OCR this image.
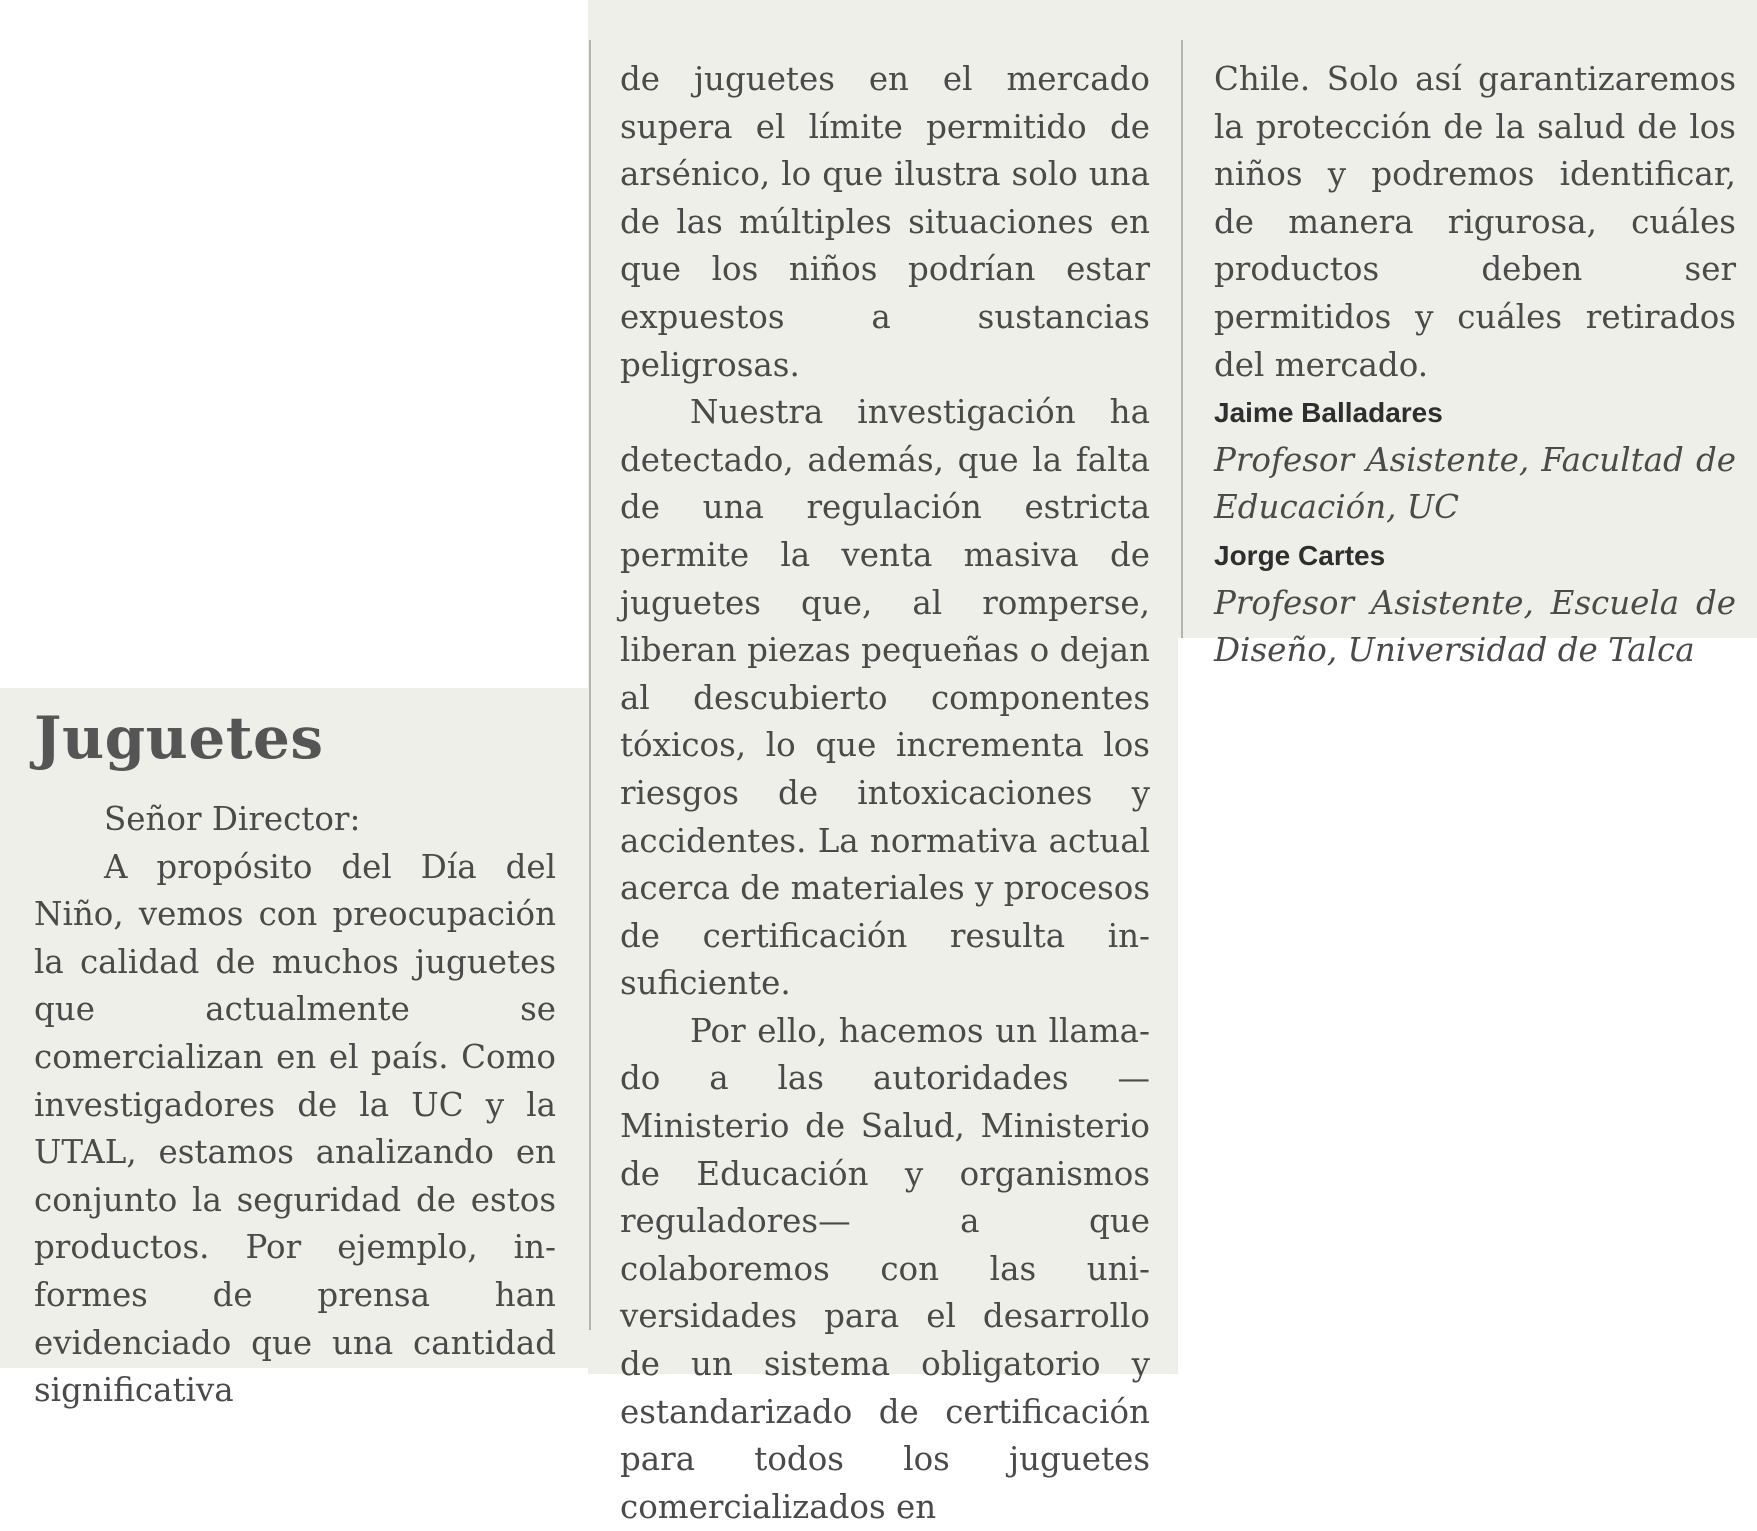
Juguetes

Señor Director:

A propósito del Día del Niño, vemos con preocupación la calidad de muchos juguetes que actualmente se comercializan en el país. Como investigadores de la UC y la UTAL, estamos analizando en conjunto la seguridad de estos productos. Por ejemplo, informes de prensa han evidenciado que una cantidad significativa

de juguetes en el mercado supera el límite permitido de arsénico, lo que ilustra solo una de las múltiples situaciones en que los niños podrían estar expuestos a sustancias peligrosas.

Nuestra investigación ha detectado, además, que la falta de una regulación estricta permite la venta masiva de juguetes que, al romperse, liberan piezas pequeñas o dejan al descubierto componentes tóxicos, lo que incrementa los riesgos de intoxicaciones y accidentes. La normativa actual acerca de materiales y procesos de certificación resulta insuficiente.

Por ello, hacemos un llamado a las autoridades —Ministerio de Salud, Ministerio de Educación y organismos reguladores— a que colaboremos con las universidades para el desarrollo de un sistema obligatorio y estandarizado de certificación para todos los juguetes comercializados en

Chile. Solo así garantizaremos la protección de la salud de los niños y podremos identificar, de manera rigurosa, cuáles productos deben ser permitidos y cuáles retirados del mercado.

Jaime Balladares
Profesor Asistente, Facultad de Educación, UC
Jorge Cartes
Profesor Asistente, Escuela de Diseño, Universidad de Talca
